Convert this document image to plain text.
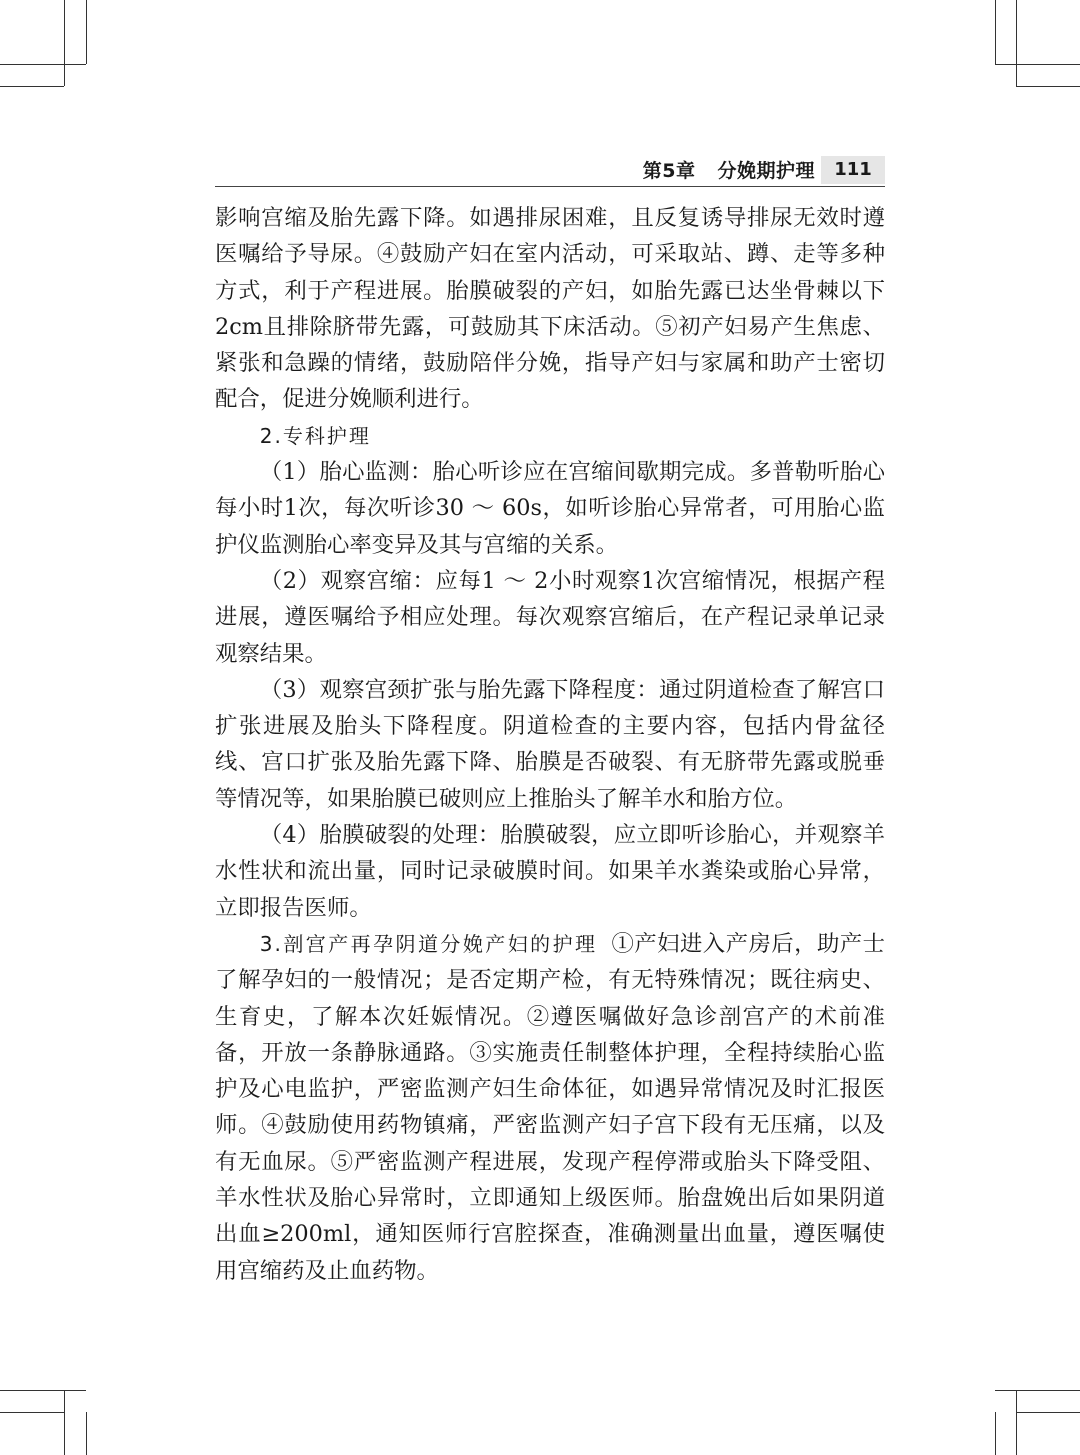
第5章 分娩期护理	111

影响宫缩及胎先露下降。如遇排尿困难，且反复诱导排尿无效时遵医嘱给予导尿。④鼓励产妇在室内活动，可采取站、蹲、走等多种方式，利于产程进展。胎膜破裂的产妇，如胎先露已达坐骨棘以下2cm且排除脐带先露，可鼓励其下床活动。⑤初产妇易产生焦虑、紧张和急躁的情绪，鼓励陪伴分娩，指导产妇与家属和助产士密切配合，促进分娩顺利进行。

2.专科护理

（1）胎心监测：胎心听诊应在宫缩间歇期完成。多普勒听胎心每小时1次，每次听诊30 ～ 60s，如听诊胎心异常者，可用胎心监护仪监测胎心率变异及其与宫缩的关系。

（2）观察宫缩：应每1 ～ 2小时观察1次宫缩情况，根据产程进展，遵医嘱给予相应处理。每次观察宫缩后，在产程记录单记录观察结果。

（3）观察宫颈扩张与胎先露下降程度：通过阴道检查了解宫口扩张进展及胎头下降程度。阴道检查的主要内容，包括内骨盆径线、宫口扩张及胎先露下降、胎膜是否破裂、有无脐带先露或脱垂等情况等，如果胎膜已破则应上推胎头了解羊水和胎方位。

（4）胎膜破裂的处理：胎膜破裂，应立即听诊胎心，并观察羊水性状和流出量，同时记录破膜时间。如果羊水粪染或胎心异常，立即报告医师。

3.剖宫产再孕阴道分娩产妇的护理 ①产妇进入产房后，助产士了解孕妇的一般情况；是否定期产检，有无特殊情况；既往病史、生育史，了解本次妊娠情况。②遵医嘱做好急诊剖宫产的术前准备，开放一条静脉通路。③实施责任制整体护理，全程持续胎心监护及心电监护，严密监测产妇生命体征，如遇异常情况及时汇报医师。④鼓励使用药物镇痛，严密监测产妇子宫下段有无压痛，以及有无血尿。⑤严密监测产程进展，发现产程停滞或胎头下降受阻、羊水性状及胎心异常时，立即通知上级医师。胎盘娩出后如果阴道出血≥200ml，通知医师行宫腔探查，准确测量出血量，遵医嘱使用宫缩药及止血药物。
